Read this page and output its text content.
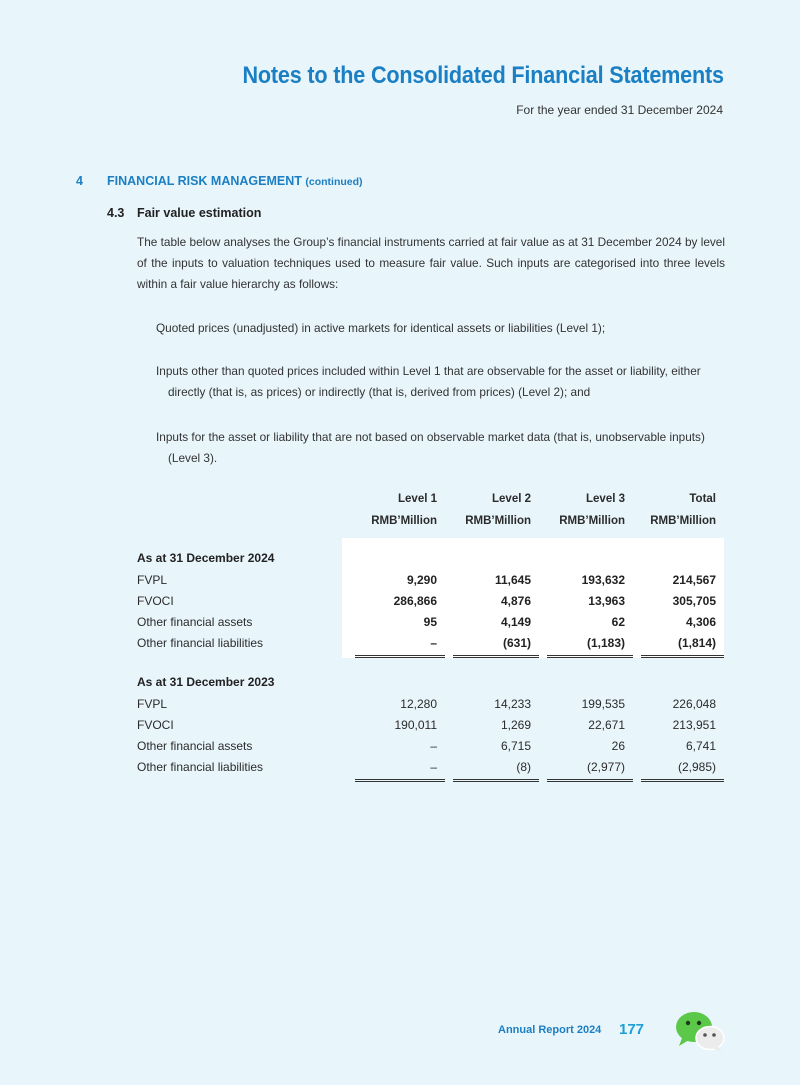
Notes to the Consolidated Financial Statements
For the year ended 31 December 2024
4 FINANCIAL RISK MANAGEMENT (continued)
4.3 Fair value estimation
The table below analyses the Group’s financial instruments carried at fair value as at 31 December 2024 by level of the inputs to valuation techniques used to measure fair value. Such inputs are categorised into three levels within a fair value hierarchy as follows:
Quoted prices (unadjusted) in active markets for identical assets or liabilities (Level 1);
Inputs other than quoted prices included within Level 1 that are observable for the asset or liability, either
directly (that is, as prices) or indirectly (that is, derived from prices) (Level 2); and
Inputs for the asset or liability that are not based on observable market data (that is, unobservable inputs)
(Level 3).
	Level 1	Level 2	Level 3	Total
	RMB’Million	RMB’Million	RMB’Million	RMB’Million
As at 31 December 2024				
FVPL	9,290	11,645	193,632	214,567
FVOCI	286,866	4,876	13,963	305,705
Other financial assets	95	4,149	62	4,306
Other financial liabilities	–	(631)	(1,183)	(1,814)

As at 31 December 2023				
FVPL	12,280	14,233	199,535	226,048
FVOCI	190,011	1,269	22,671	213,951
Other financial assets	–	6,715	26	6,741
Other financial liabilities	–	(8)	(2,977)	(2,985)

Annual Report 2024 177
